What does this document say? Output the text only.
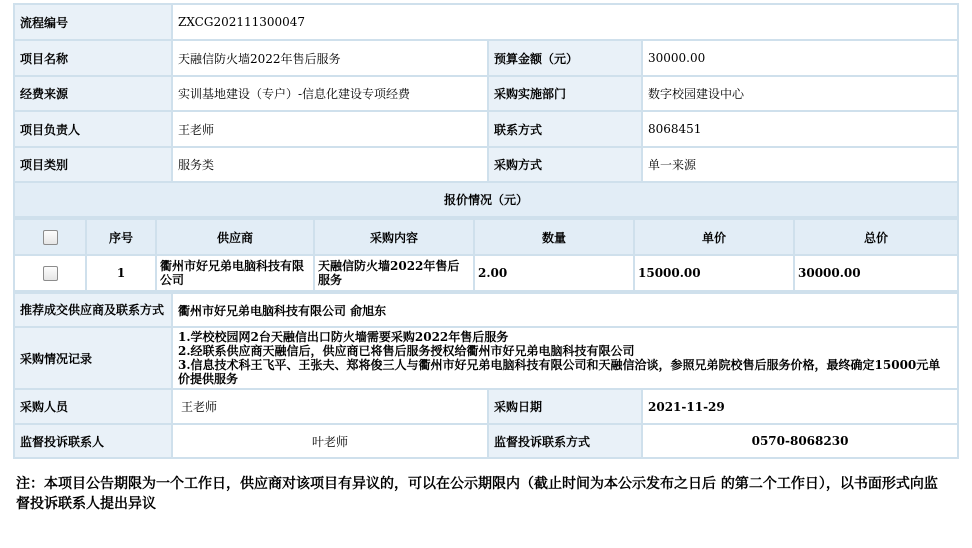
流程编号	ZXCG202111300047		
项目名称	天融信防火墙2022年售后服务	预算金额（元）	30000.00
经费来源	实训基地建设（专户）-信息化建设专项经费	采购实施部门	数字校园建设中心
项目负责人	王老师	联系方式	8068451
项目类别	服务类	采购方式	单一来源
报价情况（元）			
	序号	供应商	采购内容	数量	单价	总价
	1	衢州市好兄弟电脑科技有限公司	天融信防火墙2022年售后服务	2.00	15000.00	30000.00
推荐成交供应商及联系方式	衢州市好兄弟电脑科技有限公司 俞旭东		
采购情况记录	1.学校校园网2台天融信出口防火墙需要采购2022年售后服务
2.经联系供应商天融信后，供应商已将售后服务授权给衢州市好兄弟电脑科技有限公司
3.信息技术科王飞平、王张夫、郑将俊三人与衢州市好兄弟电脑科技有限公司和天融信洽谈，参照兄弟院校售后服务价格，最终确定15000元单价提供服务		

采购人员	王老师	采购日期	2021-11-29
监督投诉联系人	叶老师	监督投诉联系方式	0570-8068230
注：本项目公告期限为一个工作日，供应商对该项目有异议的，可以在公示期限内（截止时间为本公示发布之日后 的第二个工作日），以书面形式向监督投诉联系人提出异议
